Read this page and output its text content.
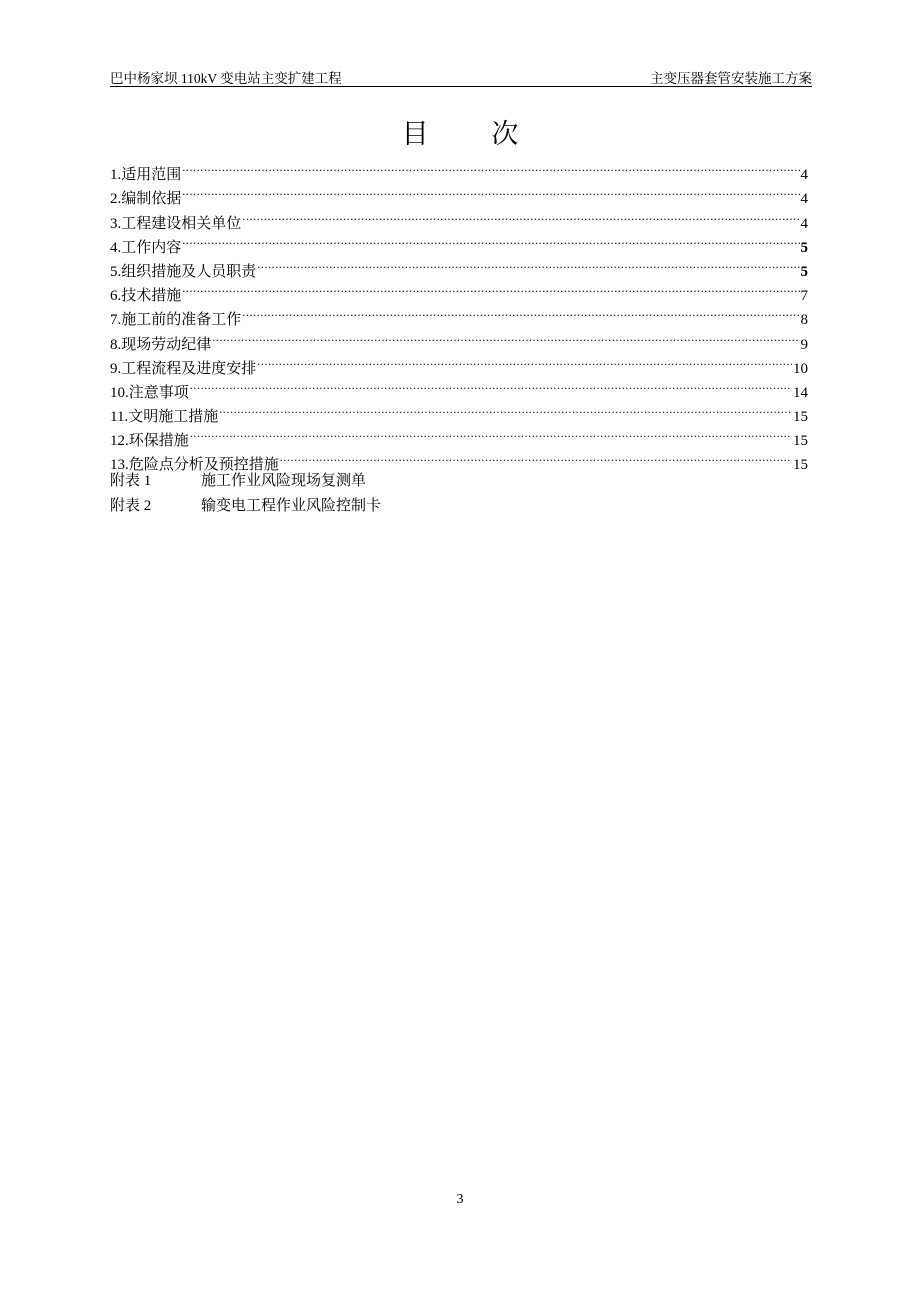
巴中杨家坝 110kV 变电站主变扩建工程	主变压器套管安装施工方案
目 次
1.适用范围 .....	4
2.编制依据 .....	4
3.工程建设相关单位 .....	4
4.工作内容 .....	5
5.组织措施及人员职责 .....	5
6.技术措施 .....	7
7.施工前的准备工作 .....	8
8.现场劳动纪律 .....	9
9.工程流程及进度安排 .....	10
10.注意事项 .....	14
11.文明施工措施 .....	15
12.环保措施 .....	15
13.危险点分析及预控措施 .....	15
附表 1	施工作业风险现场复测单
附表 2	输变电工程作业风险控制卡
3
